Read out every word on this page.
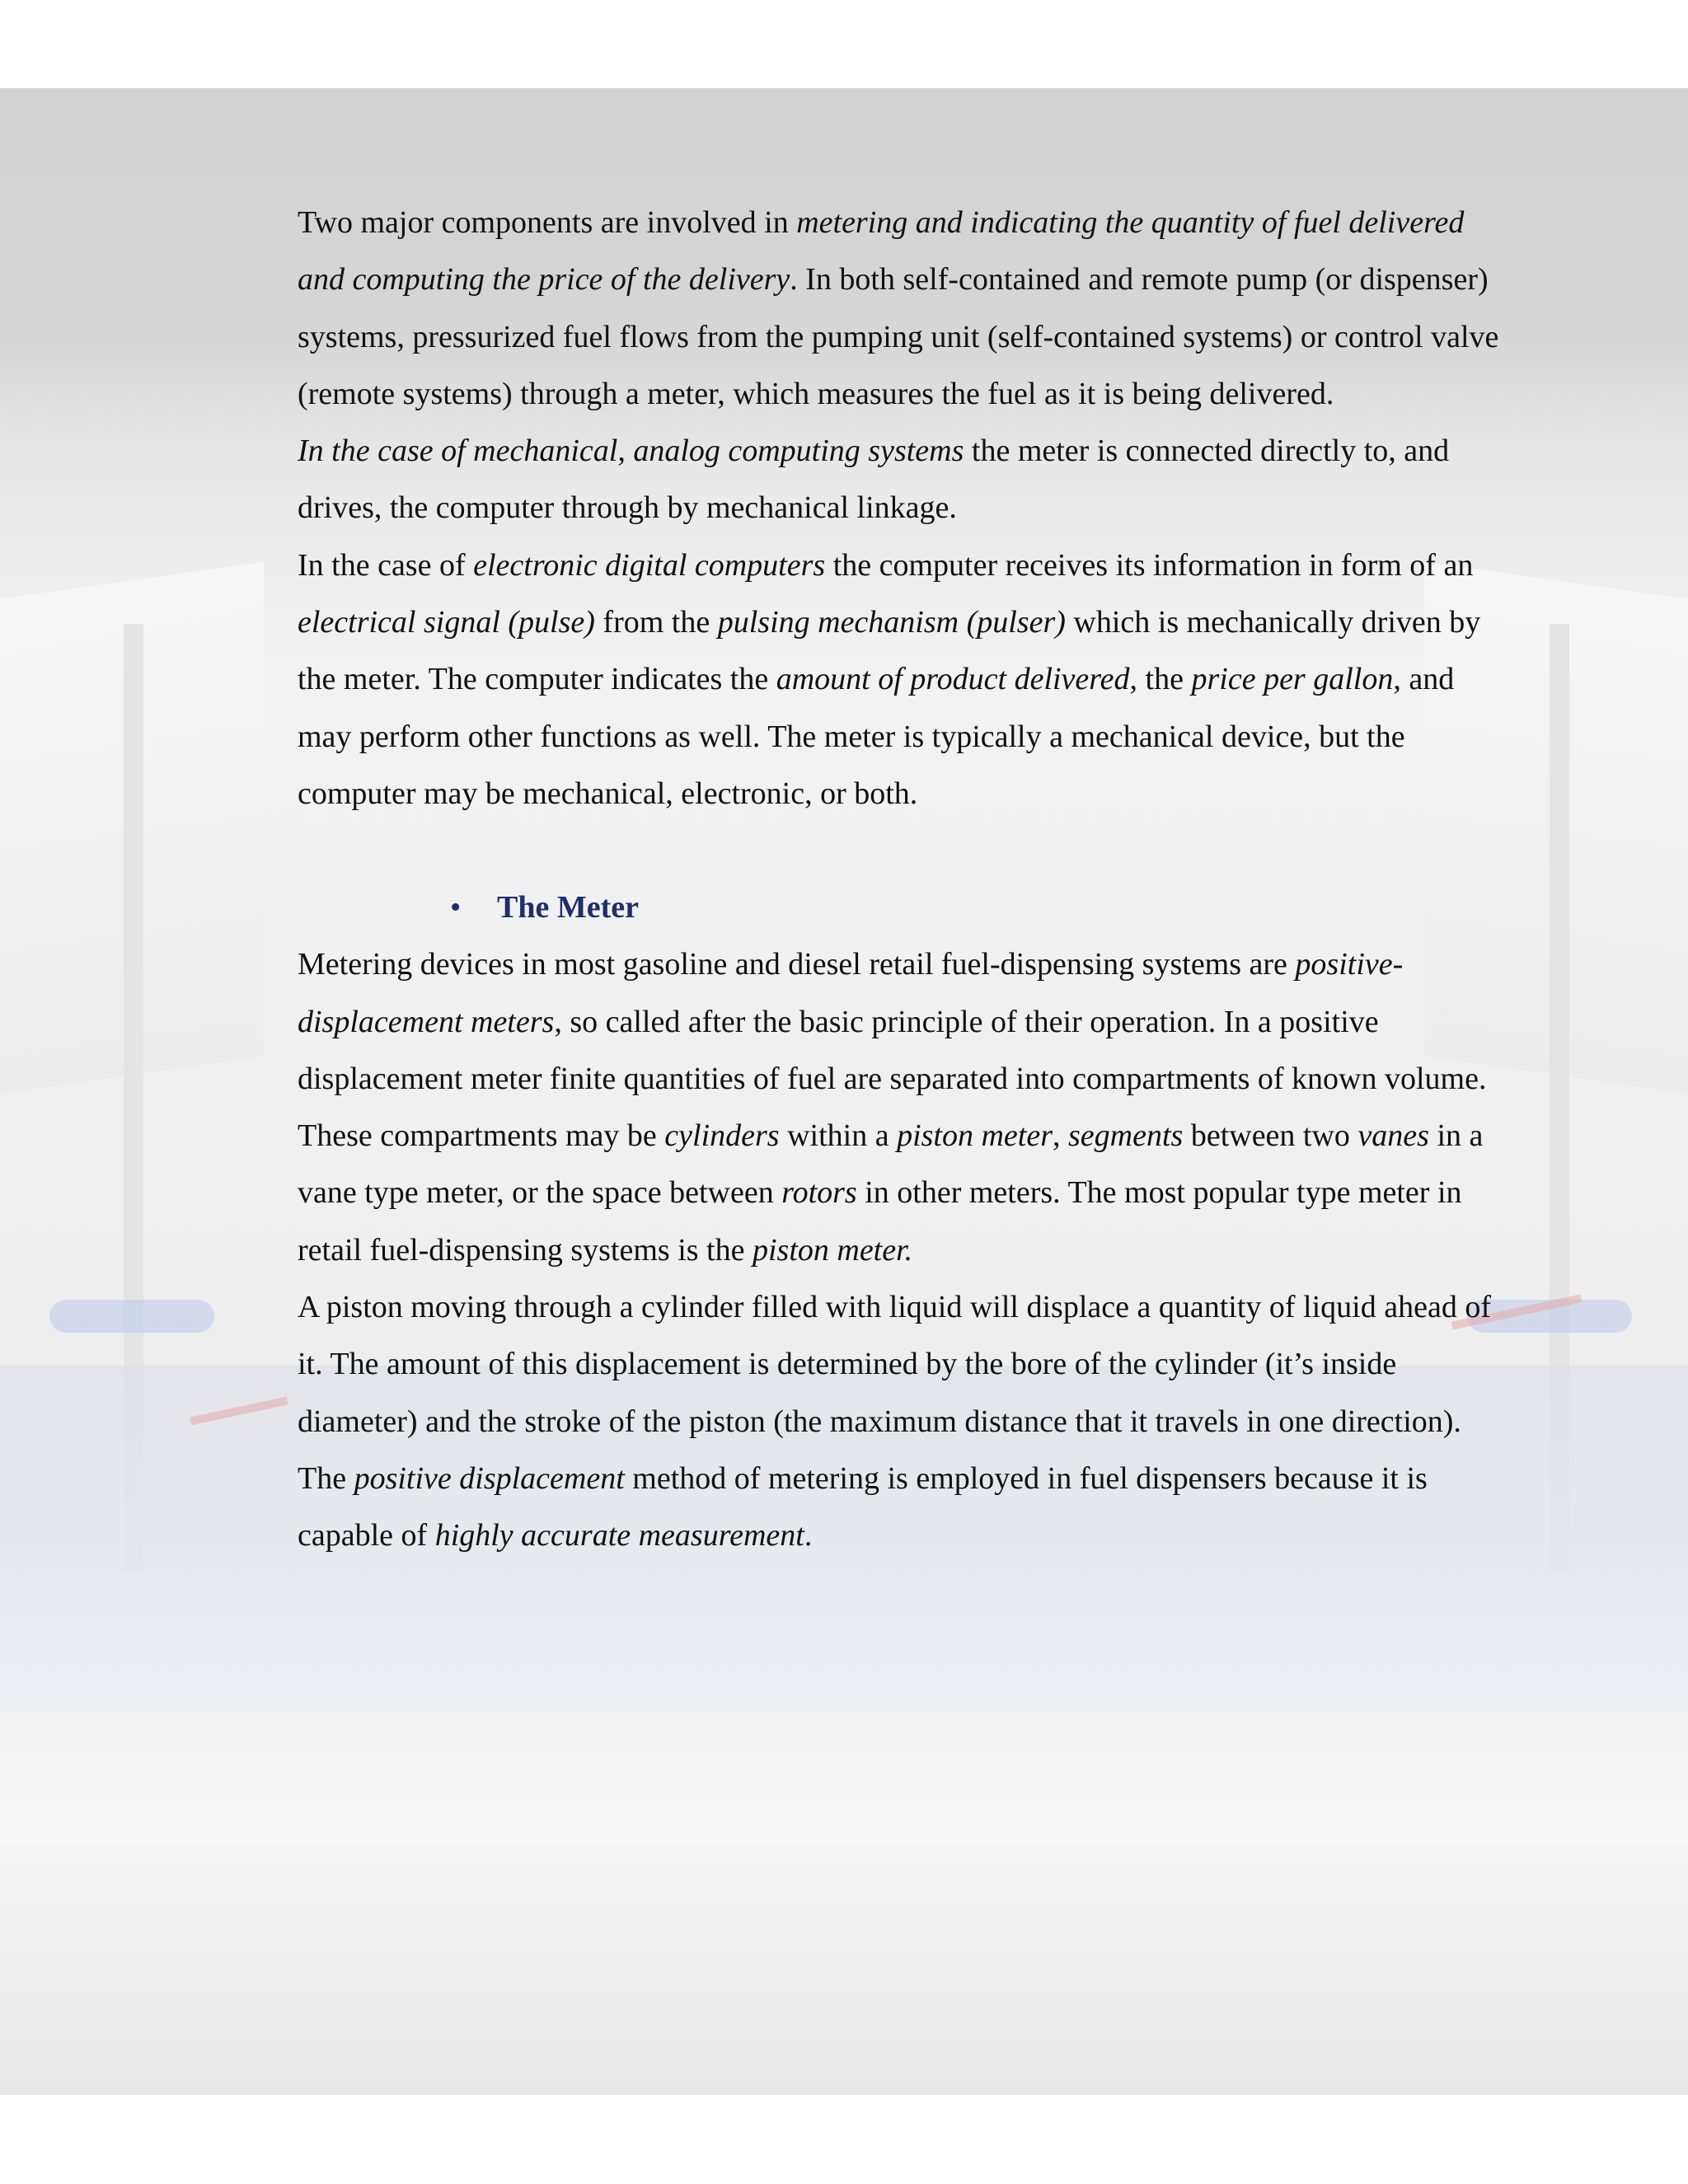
Two major components are involved in metering and indicating the quantity of fuel delivered and computing the price of the delivery. In both self-contained and remote pump (or dispenser) systems, pressurized fuel flows from the pumping unit (self-contained systems) or control valve (remote systems) through a meter, which measures the fuel as it is being delivered.

In the case of mechanical, analog computing systems the meter is connected directly to, and drives, the computer through by mechanical linkage.

In the case of electronic digital computers the computer receives its information in form of an electrical signal (pulse) from the pulsing mechanism (pulser) which is mechanically driven by the meter. The computer indicates the amount of product delivered, the price per gallon, and may perform other functions as well. The meter is typically a mechanical device, but the computer may be mechanical, electronic, or both.

• The Meter

Metering devices in most gasoline and diesel retail fuel-dispensing systems are positive-displacement meters, so called after the basic principle of their operation. In a positive displacement meter finite quantities of fuel are separated into compartments of known volume. These compartments may be cylinders within a piston meter, segments between two vanes in a vane type meter, or the space between rotors in other meters. The most popular type meter in retail fuel-dispensing systems is the piston meter.

A piston moving through a cylinder filled with liquid will displace a quantity of liquid ahead of it. The amount of this displacement is determined by the bore of the cylinder (it’s inside diameter) and the stroke of the piston (the maximum distance that it travels in one direction). The positive displacement method of metering is employed in fuel dispensers because it is capable of highly accurate measurement.
